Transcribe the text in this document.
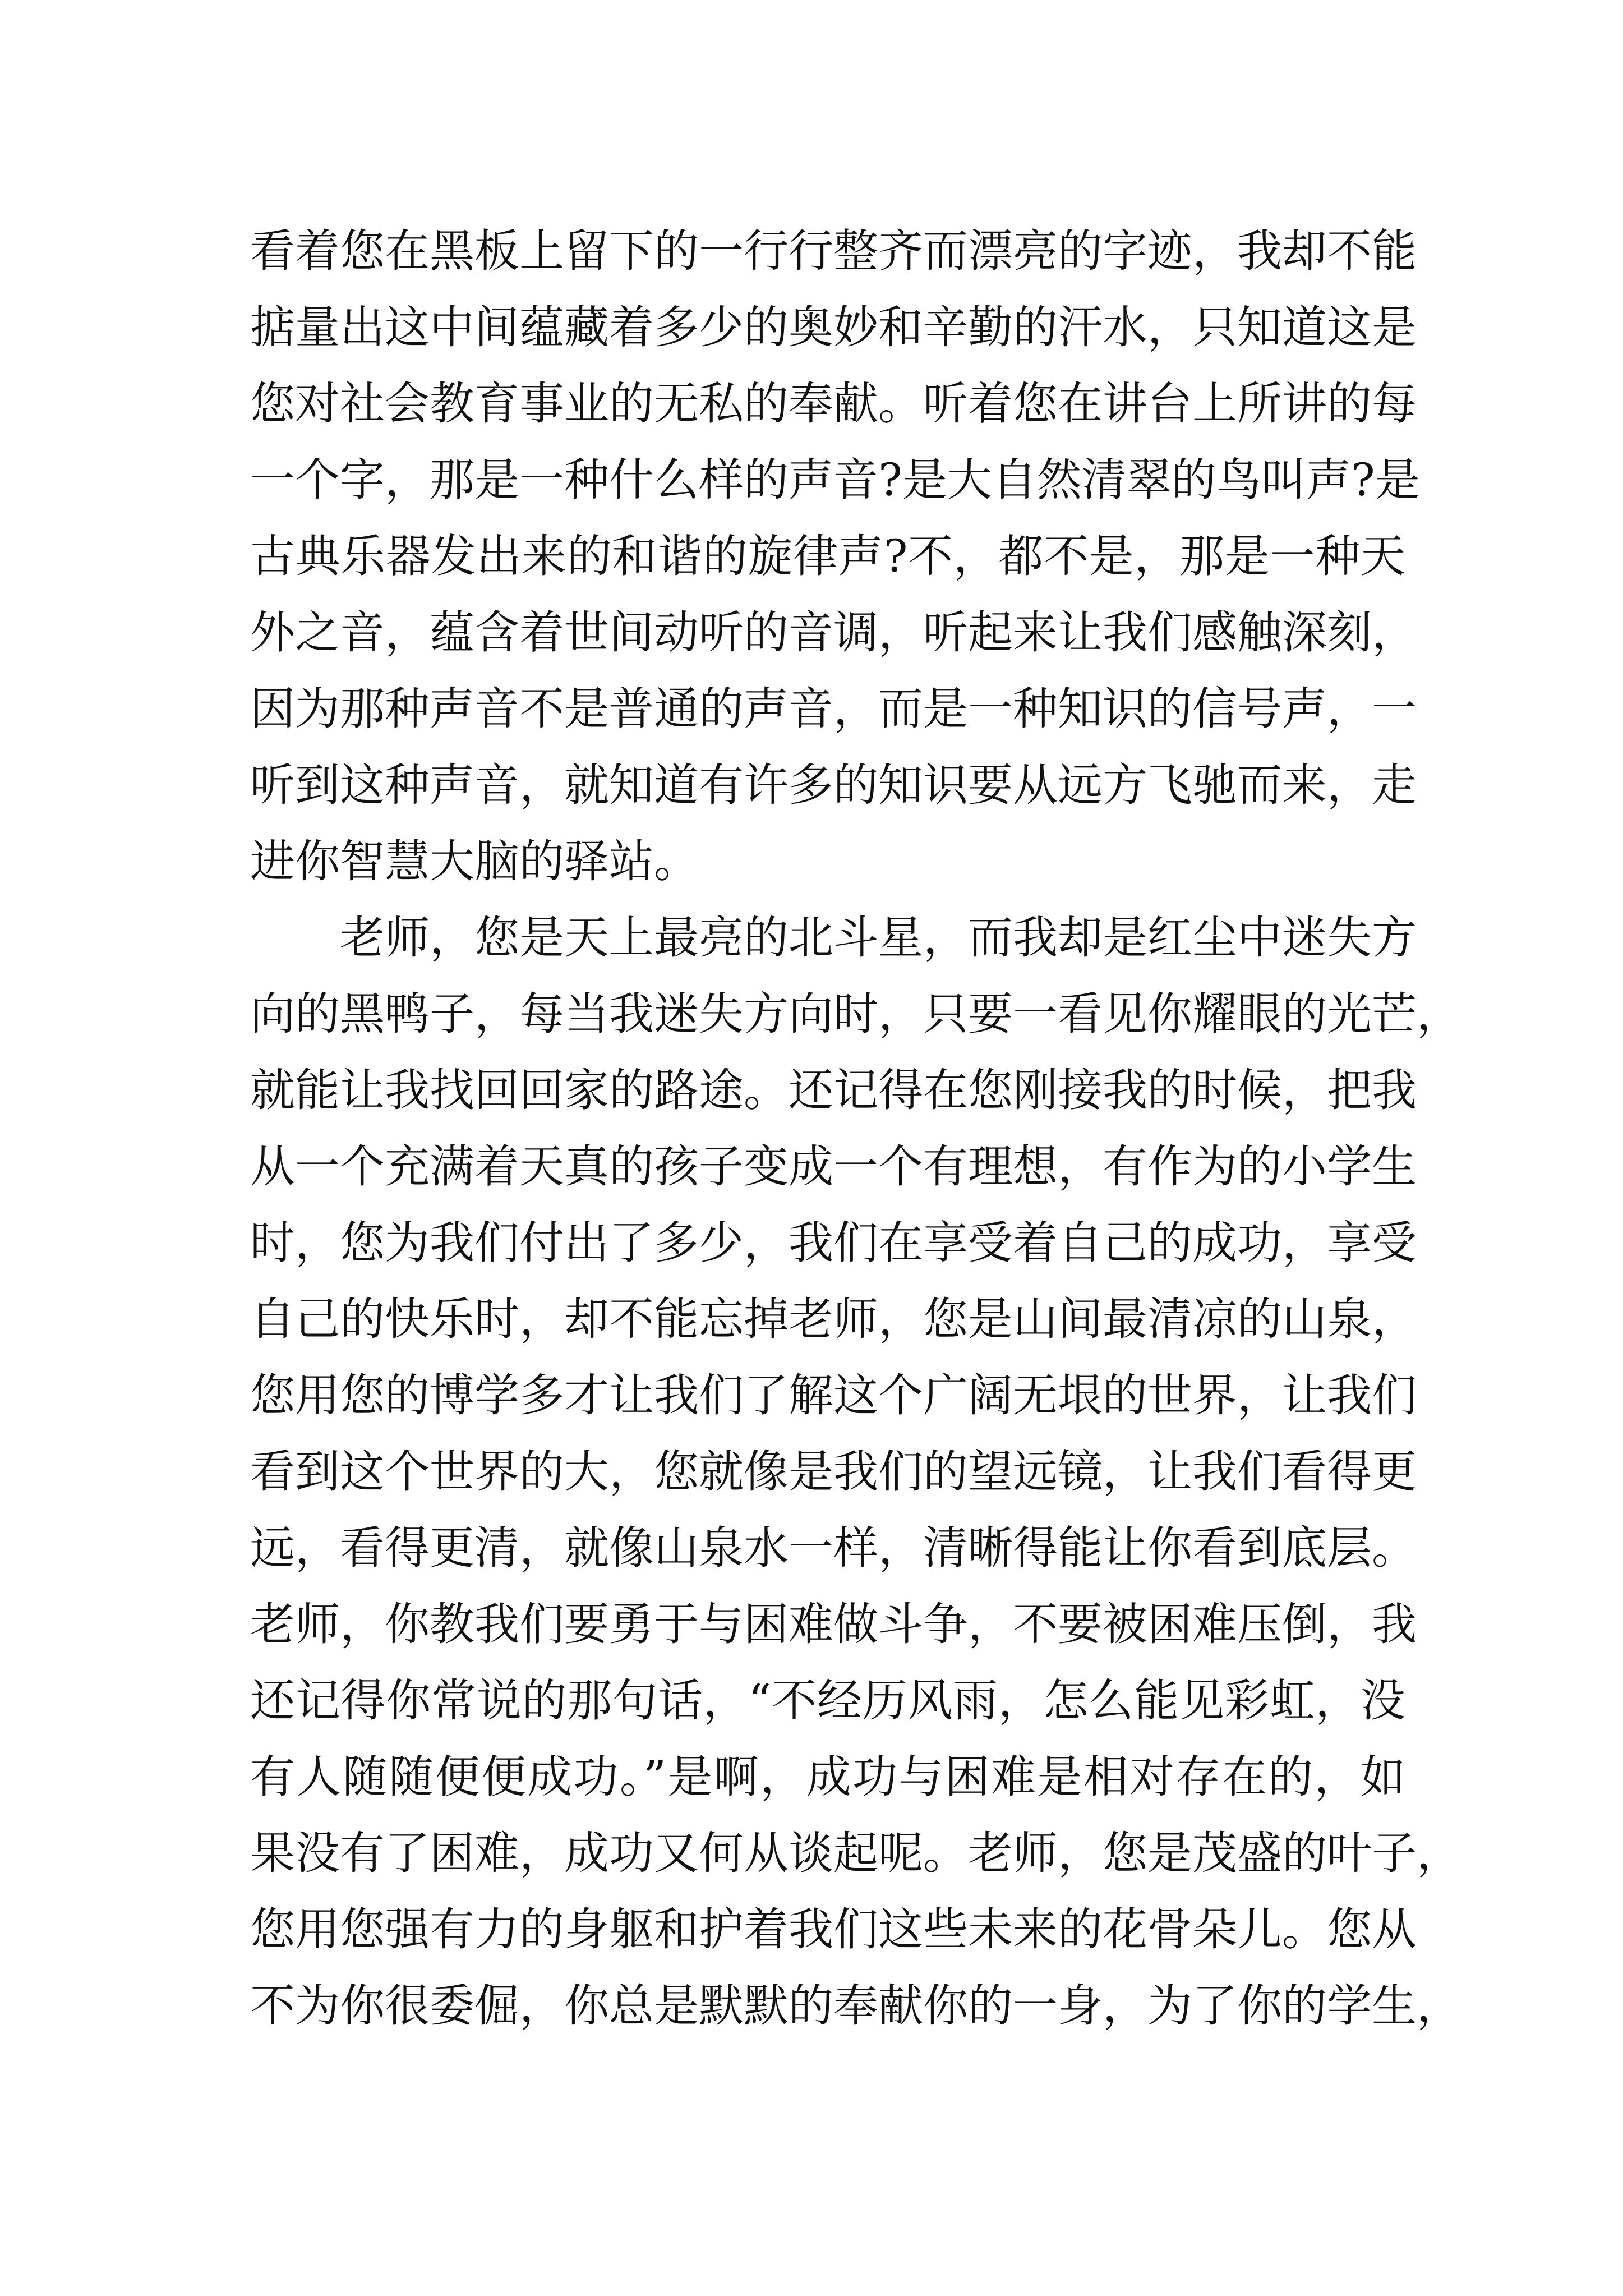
看着您在黑板上留下的一行行整齐而漂亮的字迹，我却不能
掂量出这中间蕴藏着多少的奥妙和辛勤的汗水，只知道这是
您对社会教育事业的无私的奉献。听着您在讲台上所讲的每
一个字，那是一种什么样的声音?是大自然清翠的鸟叫声?是
古典乐器发出来的和谐的旋律声?不，都不是，那是一种天
外之音，蕴含着世间动听的音调，听起来让我们感触深刻，
因为那种声音不是普通的声音，而是一种知识的信号声，一
听到这种声音，就知道有许多的知识要从远方飞驰而来，走
进你智慧大脑的驿站。
老师，您是天上最亮的北斗星，而我却是红尘中迷失方
向的黑鸭子，每当我迷失方向时，只要一看见你耀眼的光芒，
就能让我找回回家的路途。还记得在您刚接我的时候，把我
从一个充满着天真的孩子变成一个有理想，有作为的小学生
时，您为我们付出了多少，我们在享受着自己的成功，享受
自己的快乐时，却不能忘掉老师，您是山间最清凉的山泉，
您用您的博学多才让我们了解这个广阔无垠的世界，让我们
看到这个世界的大，您就像是我们的望远镜，让我们看得更
远，看得更清，就像山泉水一样，清晰得能让你看到底层。
老师，你教我们要勇于与困难做斗争，不要被困难压倒，我
还记得你常说的那句话，“不经历风雨，怎么能见彩虹，没
有人随随便便成功。”是啊，成功与困难是相对存在的，如
果没有了困难，成功又何从谈起呢。老师，您是茂盛的叶子，
您用您强有力的身躯和护着我们这些未来的花骨朵儿。您从
不为你很委倔，你总是默默的奉献你的一身，为了你的学生，
